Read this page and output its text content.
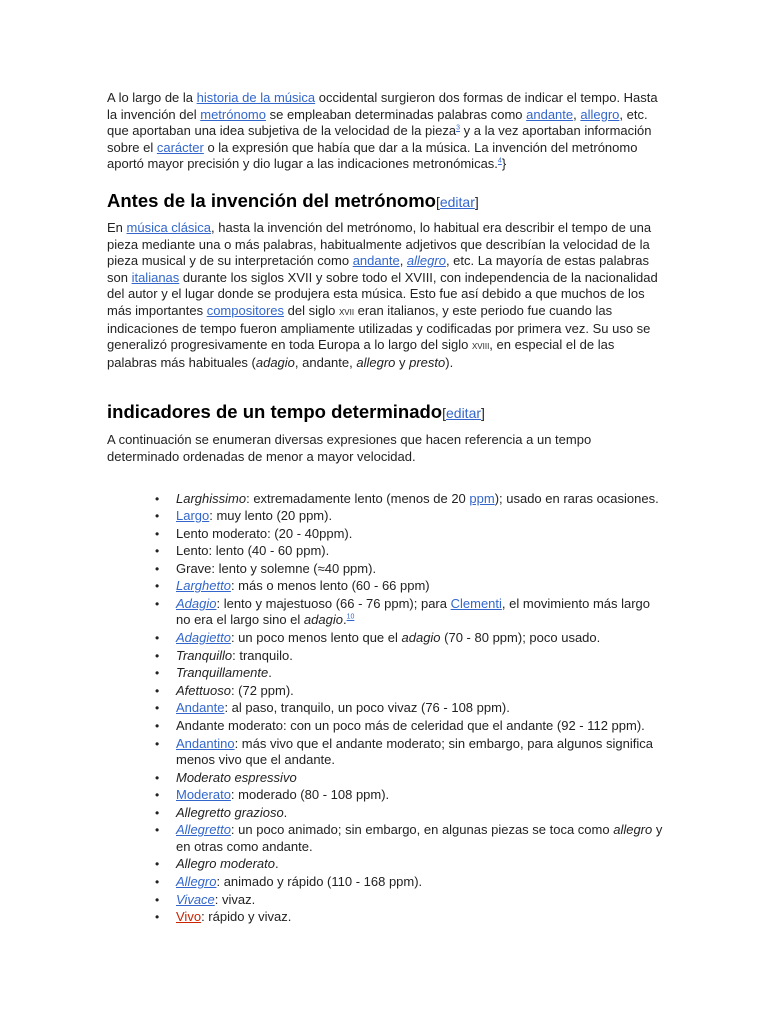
A lo largo de la historia de la música occidental surgieron dos formas de indicar el tempo. Hasta la invención del metrónomo se empleaban determinadas palabras como andante, allegro, etc. que aportaban una idea subjetiva de la velocidad de la pieza$^3$ y a la vez aportaban información sobre el carácter o la expresión que había que dar a la música. La invención del metrónomo aportó mayor precisión y dio lugar a las indicaciones metronómicas.$^4$}

Antes de la invención del metrónomo[editar]

En música clásica, hasta la invención del metrónomo, lo habitual era describir el tempo de una pieza mediante una o más palabras, habitualmente adjetivos que describían la velocidad de la pieza musical y de su interpretación como andante, allegro, etc. La mayoría de estas palabras son italianas durante los siglos XVII y sobre todo el XVIII, con independencia de la nacionalidad del autor y el lugar donde se produjera esta música. Esto fue así debido a que muchos de los más importantes compositores del siglo xvii eran italianos, y este periodo fue cuando las indicaciones de tempo fueron ampliamente utilizadas y codificadas por primera vez. Su uso se generalizó progresivamente en toda Europa a lo largo del siglo xviii, en especial el de las palabras más habituales (adagio, andante, allegro y presto).

indicadores de un tempo determinado[editar]

A continuación se enumeran diversas expresiones que hacen referencia a un tempo determinado ordenadas de menor a mayor velocidad.

• Larghissimo: extremadamente lento (menos de 20 ppm); usado en raras ocasiones.
• Largo: muy lento (20 ppm).
• Lento moderato: (20 - 40ppm).
• Lento: lento (40 - 60 ppm).
• Grave: lento y solemne (≈40 ppm).
• Larghetto: más o menos lento (60 - 66 ppm)
• Adagio: lento y majestuoso (66 - 76 ppm); para Clementi, el movimiento más largo no era el largo sino el adagio.$^{10}$
• Adagietto: un poco menos lento que el adagio (70 - 80 ppm); poco usado.
• Tranquillo: tranquilo.
• Tranquillamente.
• Afettuoso: (72 ppm).
• Andante: al paso, tranquilo, un poco vivaz (76 - 108 ppm).
• Andante moderato: con un poco más de celeridad que el andante (92 - 112 ppm).
• Andantino: más vivo que el andante moderato; sin embargo, para algunos significa menos vivo que el andante.
• Moderato espressivo
• Moderato: moderado (80 - 108 ppm).
• Allegretto grazioso.
• Allegretto: un poco animado; sin embargo, en algunas piezas se toca como allegro y en otras como andante.
• Allegro moderato.
• Allegro: animado y rápido (110 - 168 ppm).
• Vivace: vivaz.
• Vivo: rápido y vivaz.
